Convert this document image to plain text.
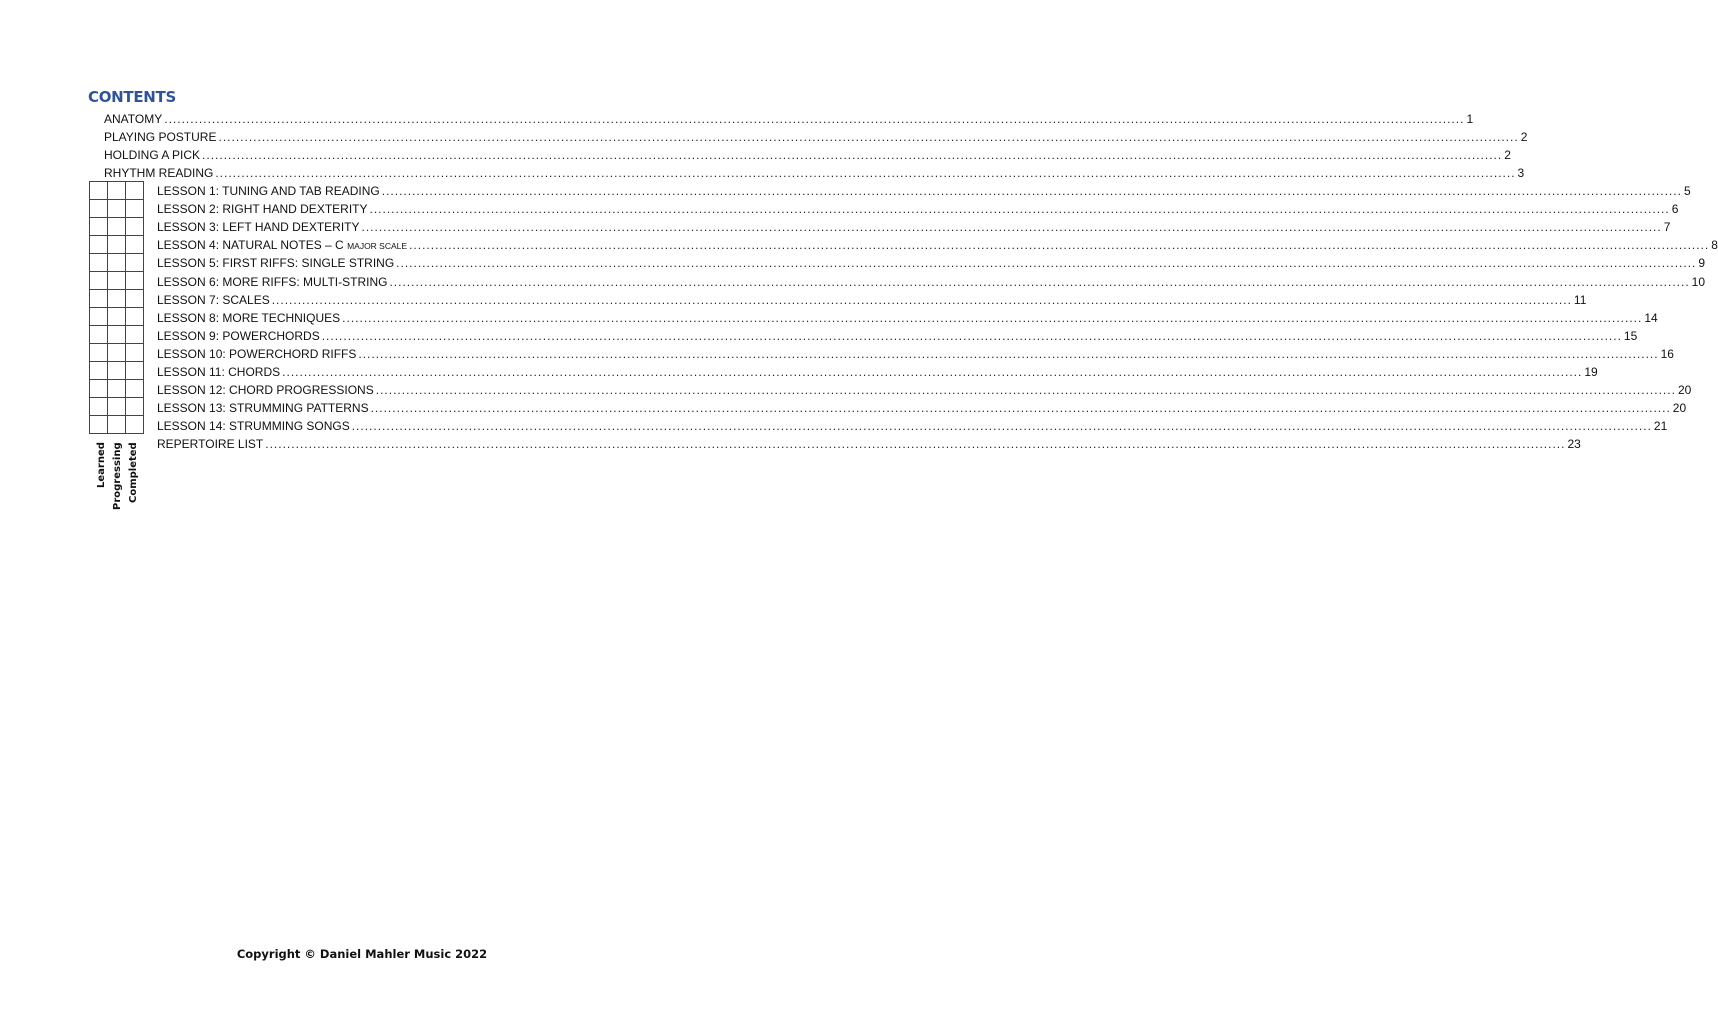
CONTENTS
ANATOMY ............................................................................................................................................................................................................................................................................................................ 1
PLAYING POSTURE ............................................................................................................................................................................................................................................................................................................ 2
HOLDING A PICK ............................................................................................................................................................................................................................................................................................................ 2
RHYTHM READING ............................................................................................................................................................................................................................................................................................................ 3
LESSON 1: TUNING AND TAB READING ............................................................................................................................................................................................................................................................................................................ 5
LESSON 2: RIGHT HAND DEXTERITY ............................................................................................................................................................................................................................................................................................................ 6
LESSON 3: LEFT HAND DEXTERITY ............................................................................................................................................................................................................................................................................................................ 7
LESSON 4: NATURAL NOTES – C MAJOR SCALE ............................................................................................................................................................................................................................................................................................................ 8
LESSON 5: FIRST RIFFS: SINGLE STRING ............................................................................................................................................................................................................................................................................................................ 9
LESSON 6: MORE RIFFS: MULTI-STRING ............................................................................................................................................................................................................................................................................................................ 10
LESSON 7: SCALES ............................................................................................................................................................................................................................................................................................................ 11
LESSON 8: MORE TECHNIQUES ............................................................................................................................................................................................................................................................................................................ 14
LESSON 9: POWERCHORDS ............................................................................................................................................................................................................................................................................................................ 15
LESSON 10: POWERCHORD RIFFS ............................................................................................................................................................................................................................................................................................................ 16
LESSON 11: CHORDS ............................................................................................................................................................................................................................................................................................................ 19
LESSON 12: CHORD PROGRESSIONS ............................................................................................................................................................................................................................................................................................................ 20
LESSON 13: STRUMMING PATTERNS ............................................................................................................................................................................................................................................................................................................ 20
LESSON 14: STRUMMING SONGS ............................................................................................................................................................................................................................................................................................................ 21
REPERTOIRE LIST ............................................................................................................................................................................................................................................................................................................ 23

Learned Progressing Completed
Copyright © Daniel Mahler Music 2022
